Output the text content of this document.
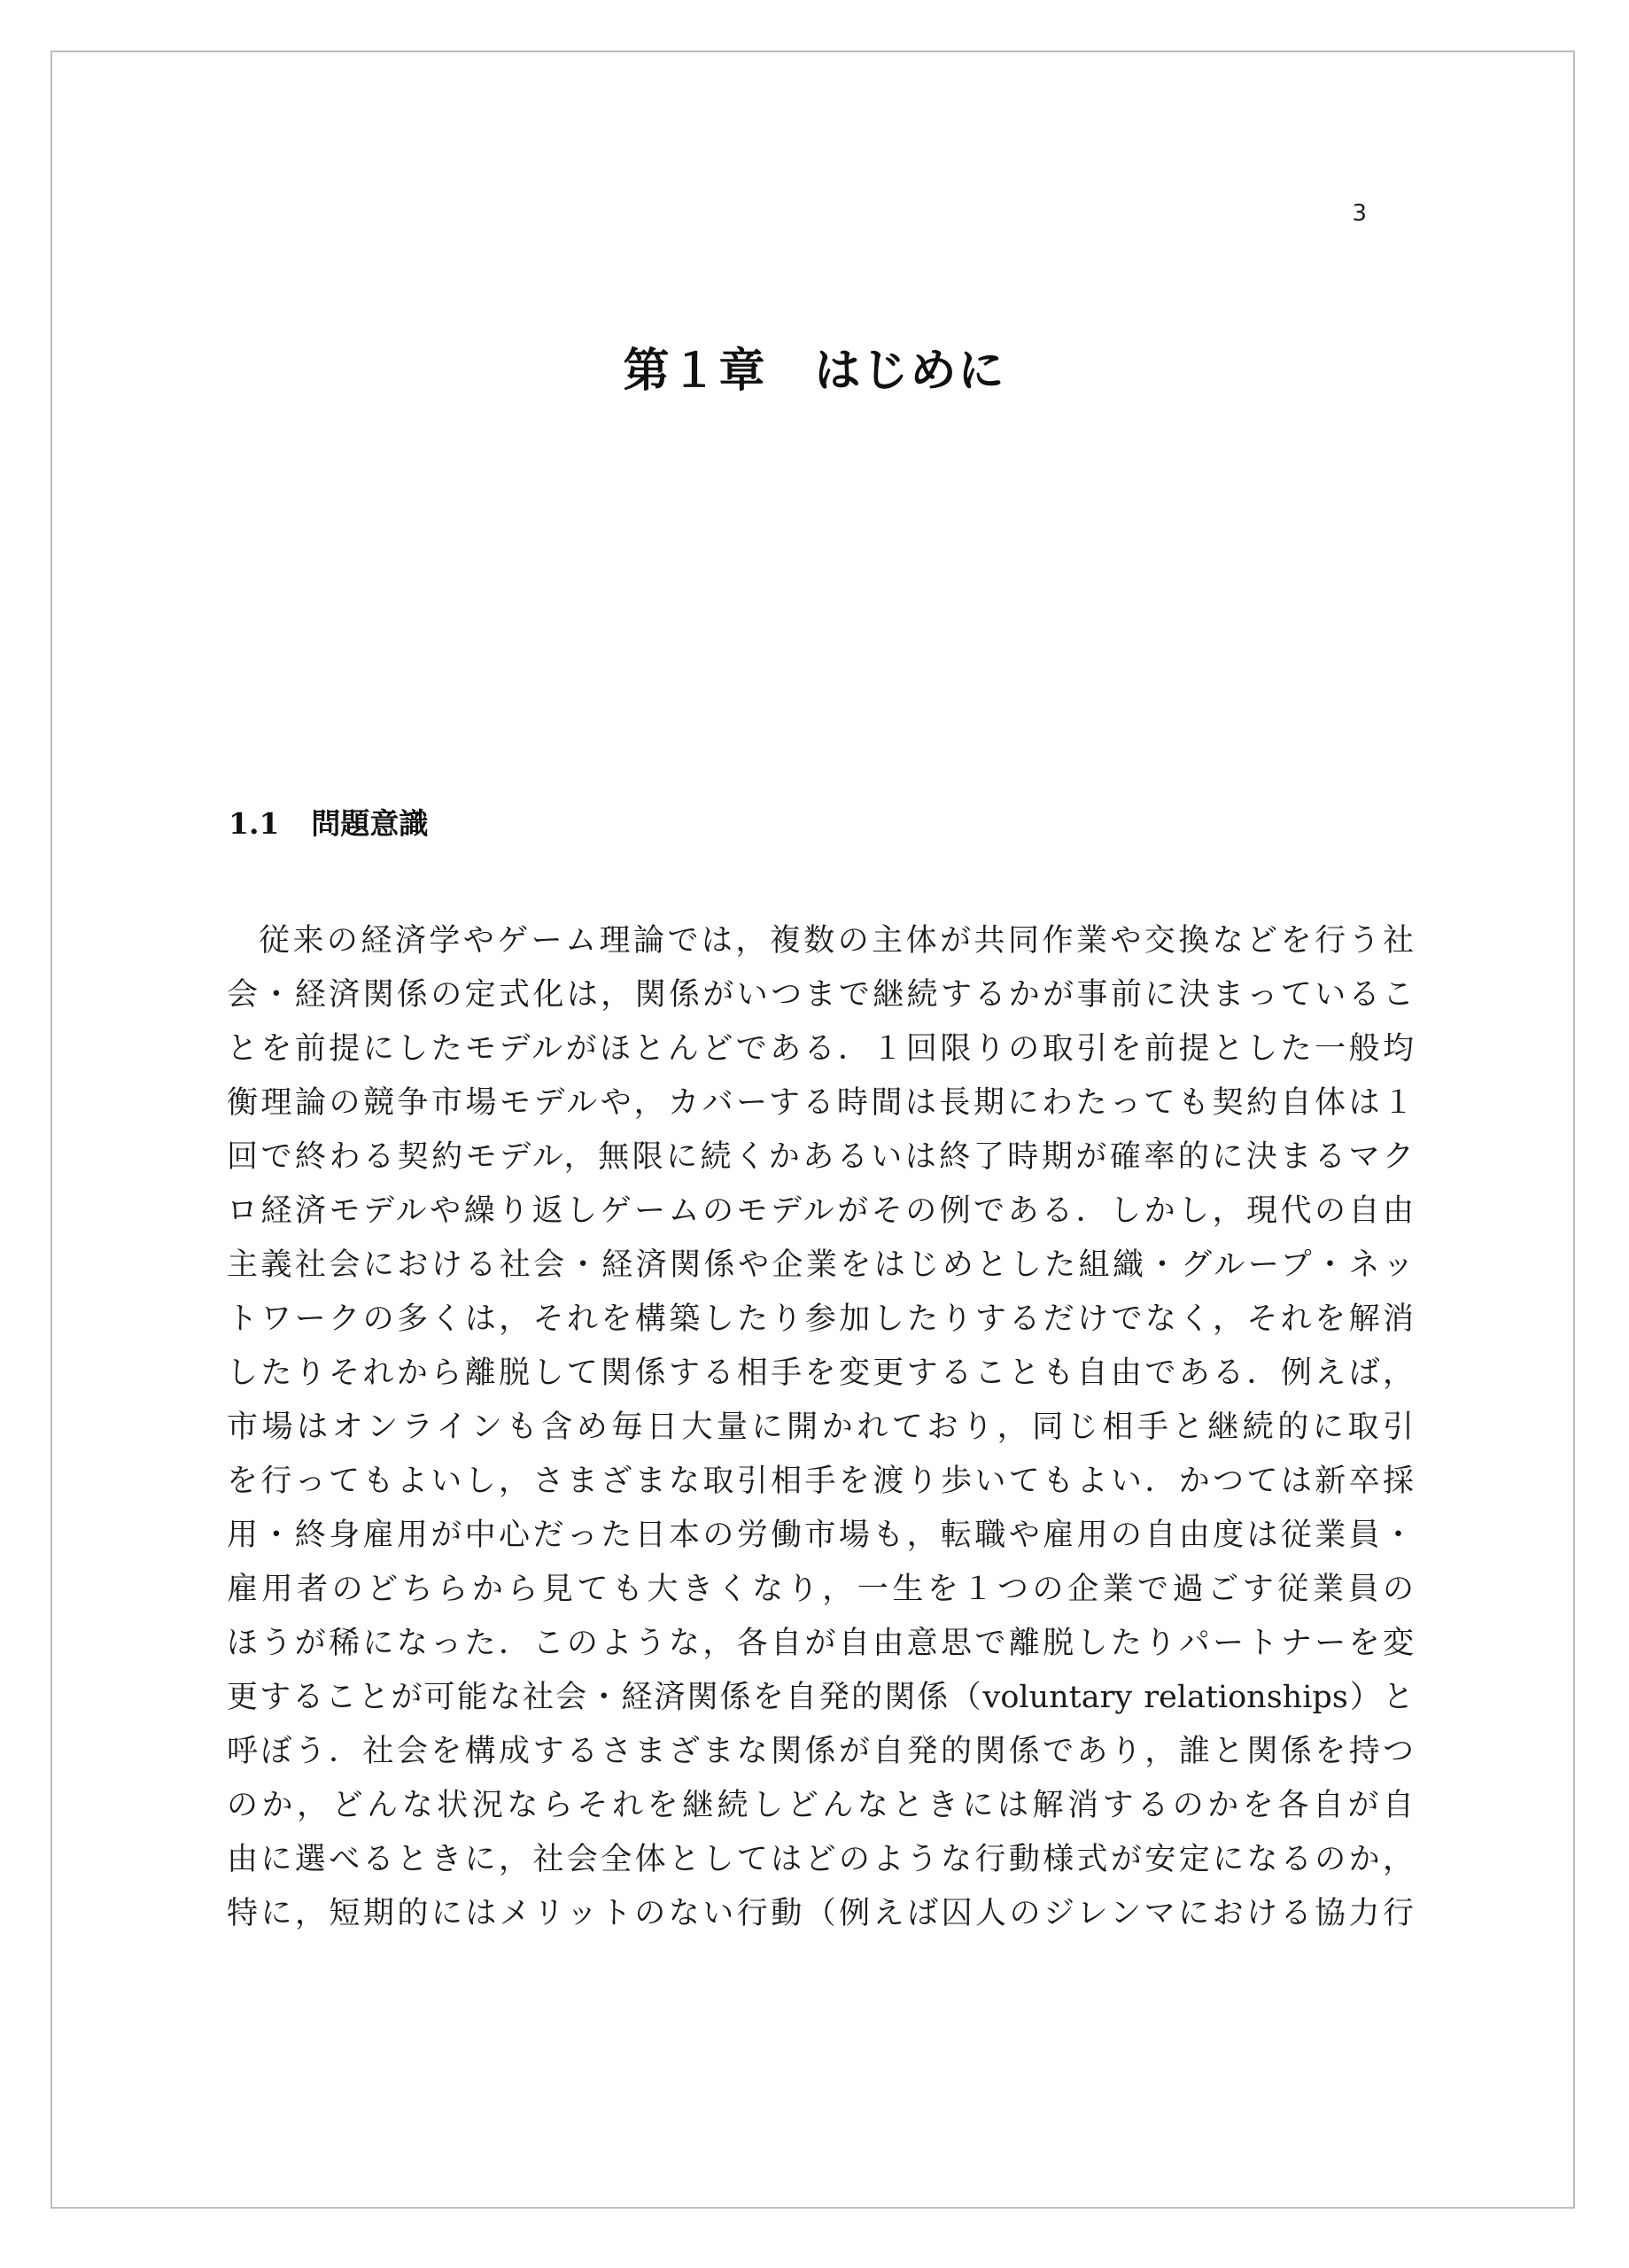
3
第１章　はじめに
1.1 問題意識
従来の経済学やゲーム理論では，複数の主体が共同作業や交換などを行う社
会・経済関係の定式化は，関係がいつまで継続するかが事前に決まっているこ
とを前提にしたモデルがほとんどである．１回限りの取引を前提とした一般均
衡理論の競争市場モデルや，カバーする時間は長期にわたっても契約自体は１
回で終わる契約モデル，無限に続くかあるいは終了時期が確率的に決まるマク
ロ経済モデルや繰り返しゲームのモデルがその例である．しかし，現代の自由
主義社会における社会・経済関係や企業をはじめとした組織・グループ・ネッ
トワークの多くは，それを構築したり参加したりするだけでなく，それを解消
したりそれから離脱して関係する相手を変更することも自由である．例えば，
市場はオンラインも含め毎日大量に開かれており，同じ相手と継続的に取引
を行ってもよいし，さまざまな取引相手を渡り歩いてもよい．かつては新卒採
用・終身雇用が中心だった日本の労働市場も，転職や雇用の自由度は従業員・
雇用者のどちらから見ても大きくなり，一生を１つの企業で過ごす従業員の
ほうが稀になった．このような，各自が自由意思で離脱したりパートナーを変
更することが可能な社会・経済関係を自発的関係（voluntary relationships）と
呼ぼう．社会を構成するさまざまな関係が自発的関係であり，誰と関係を持つ
のか，どんな状況ならそれを継続しどんなときには解消するのかを各自が自
由に選べるときに，社会全体としてはどのような行動様式が安定になるのか，
特に，短期的にはメリットのない行動（例えば囚人のジレンマにおける協力行
